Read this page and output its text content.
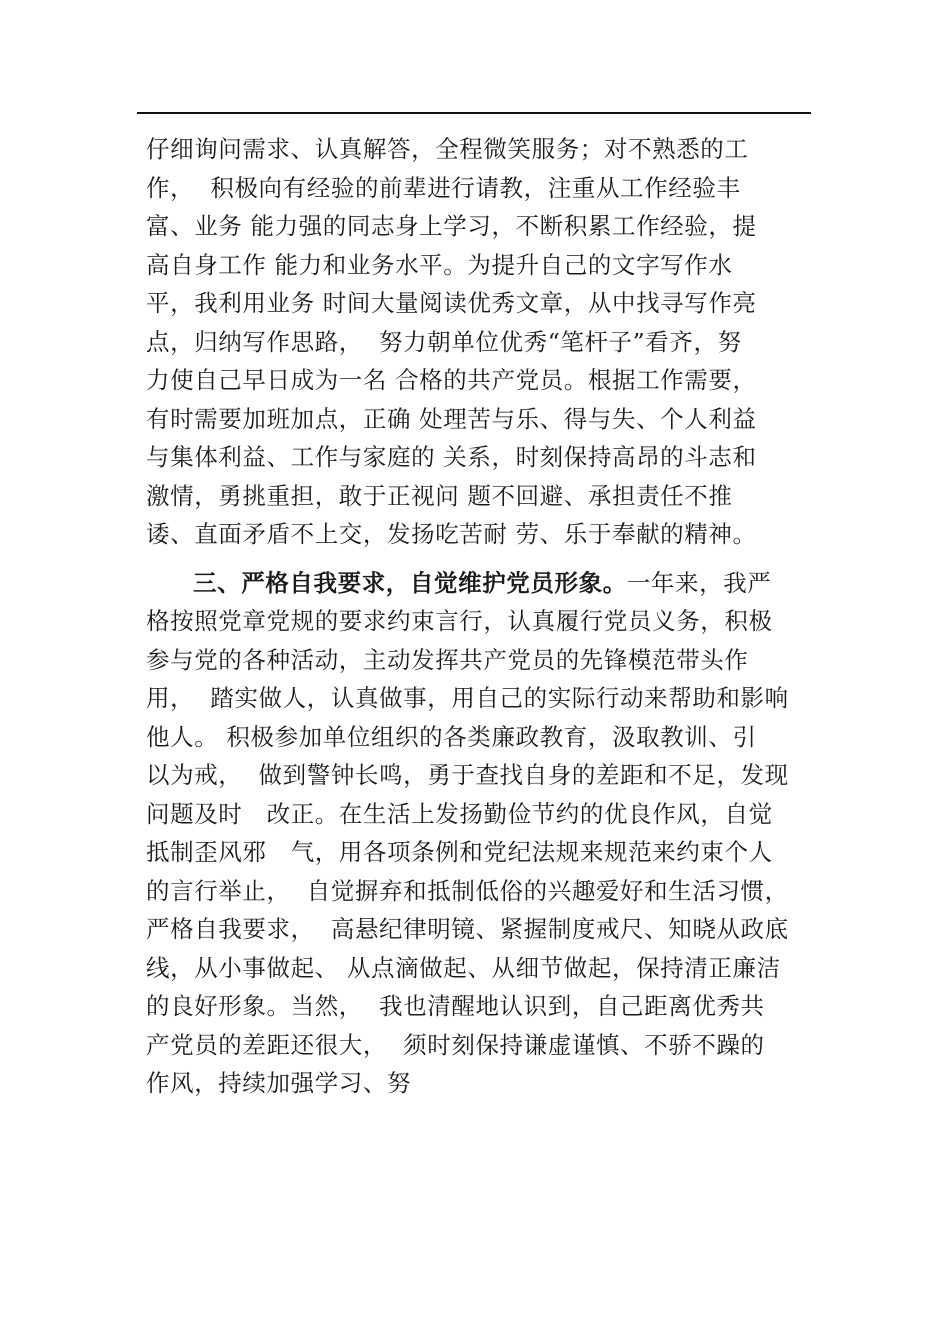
仔细询问需求、认真解答，全程微笑服务；对不熟悉的工
作，  积极向有经验的前辈进行请教，注重从工作经验丰
富、业务 能力强的同志身上学习，不断积累工作经验，提
高自身工作 能力和业务水平。为提升自己的文字写作水
平，我利用业务 时间大量阅读优秀文章，从中找寻写作亮
点，归纳写作思路，  努力朝单位优秀“笔杆子”看齐，努
力使自己早日成为一名 合格的共产党员。根据工作需要，
有时需要加班加点，正确 处理苦与乐、得与失、个人利益
与集体利益、工作与家庭的 关系，时刻保持高昂的斗志和
激情，勇挑重担，敢于正视问 题不回避、承担责任不推
诿、直面矛盾不上交，发扬吃苦耐 劳、乐于奉献的精神。
三、严格自我要求，自觉维护党员形象。一年来，我严
格按照党章党规的要求约束言行，认真履行党员义务，积极
参与党的各种活动，主动发挥共产党员的先锋模范带头作
用，  踏实做人，认真做事，用自己的实际行动来帮助和影响
他人。 积极参加单位组织的各类廉政教育，汲取教训、引
以为戒，  做到警钟长鸣，勇于查找自身的差距和不足，发现
问题及时   改正。在生活上发扬勤俭节约的优良作风，自觉
抵制歪风邪   气，用各项条例和党纪法规来规范来约束个人
的言行举止，  自觉摒弃和抵制低俗的兴趣爱好和生活习惯，
严格自我要求，  高悬纪律明镜、紧握制度戒尺、知晓从政底
线，从小事做起、 从点滴做起、从细节做起，保持清正廉洁
的良好形象。当然，  我也清醒地认识到，自己距离优秀共
产党员的差距还很大，  须时刻保持谦虚谨慎、不骄不躁的
作风，持续加强学习、努
